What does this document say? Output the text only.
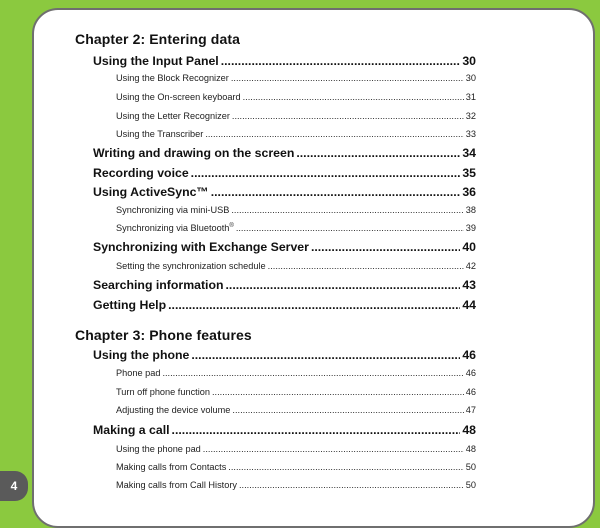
4
Chapter 2: Entering data
Using the Input Panel .....	30
Using the Block Recognizer .....	30
Using the On-screen keyboard .....	31
Using the Letter Recognizer .....	32
Using the Transcriber .....	33
Writing and drawing on the screen .....	34
Recording voice .....	35
Using ActiveSync™ .....	36
Synchronizing via mini-USB .....	38
Synchronizing via Bluetooth® .....	39
Synchronizing with Exchange Server .....	40
Setting the synchronization schedule .....	42
Searching information .....	43
Getting Help .....	44
Chapter 3: Phone features
Using the phone .....	46
Phone pad .....	46
Turn off phone function .....	46
Adjusting the device volume .....	47
Making a call .....	48
Using the phone pad .....	48
Making calls from Contacts .....	50
Making calls from Call History .....	50
